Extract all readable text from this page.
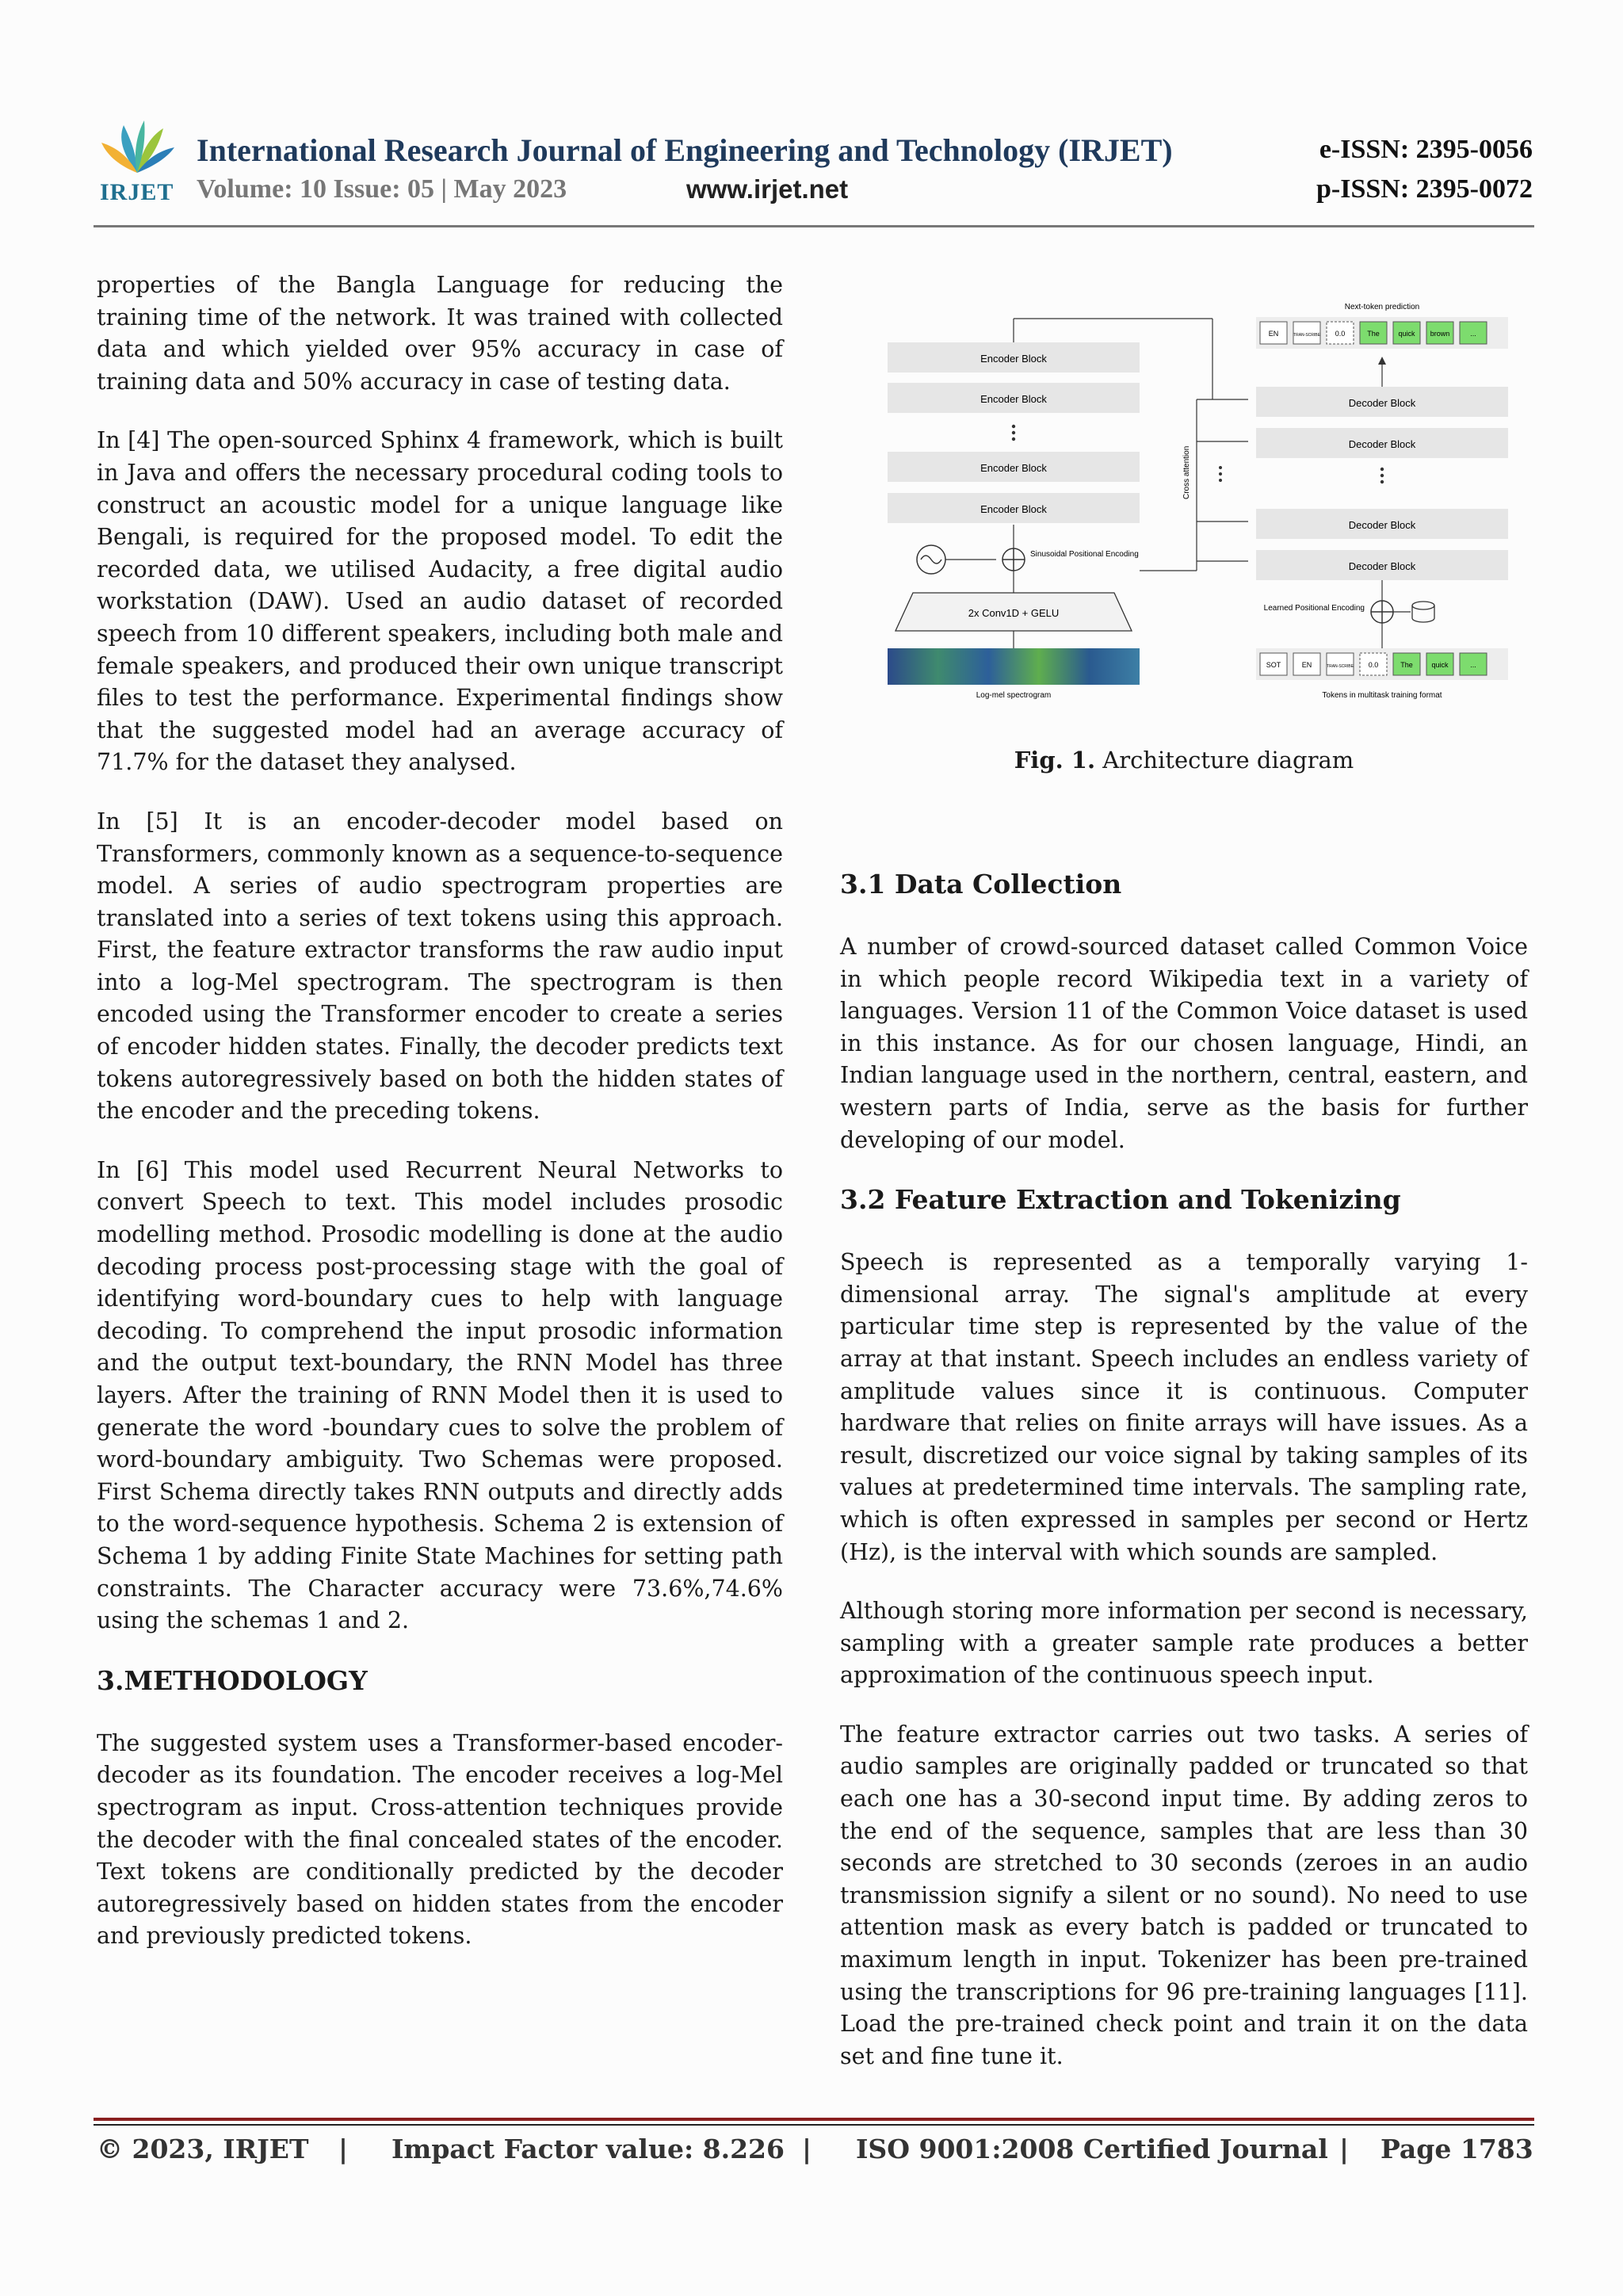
IRJET
International Research Journal of Engineering and Technology (IRJET)
Volume: 10 Issue: 05 | May 2023	www.irjet.net
e-ISSN: 2395-0056
p-ISSN: 2395-0072

properties of the Bangla Language for reducing the training time of the network. It was trained with collected data and which yielded over 95% accuracy in case of training data and 50% accuracy in case of testing data.

In [4] The open-sourced Sphinx 4 framework, which is built in Java and offers the necessary procedural coding tools to construct an acoustic model for a unique language like Bengali, is required for the proposed model. To edit the recorded data, we utilised Audacity, a free digital audio workstation (DAW). Used an audio dataset of recorded speech from 10 different speakers, including both male and female speakers, and produced their own unique transcript files to test the performance. Experimental findings show that the suggested model had an average accuracy of 71.7% for the dataset they analysed.

In [5] It is an encoder-decoder model based on Transformers, commonly known as a sequence-to-sequence model. A series of audio spectrogram properties are translated into a series of text tokens using this approach. First, the feature extractor transforms the raw audio input into a log-Mel spectrogram. The spectrogram is then encoded using the Transformer encoder to create a series of encoder hidden states. Finally, the decoder predicts text tokens autoregressively based on both the hidden states of the encoder and the preceding tokens.

In [6] This model used Recurrent Neural Networks to convert Speech to text. This model includes prosodic modelling method. Prosodic modelling is done at the audio decoding process post-processing stage with the goal of identifying word-boundary cues to help with language decoding. To comprehend the input prosodic information and the output text-boundary, the RNN Model has three layers. After the training of RNN Model then it is used to generate the word -boundary cues to solve the problem of word-boundary ambiguity. Two Schemas were proposed. First Schema directly takes RNN outputs and directly adds to the word-sequence hypothesis. Schema 2 is extension of Schema 1 by adding Finite State Machines for setting path constraints. The Character accuracy were 73.6%,74.6% using the schemas 1 and 2.

3.METHODOLOGY

The suggested system uses a Transformer-based encoder-decoder as its foundation. The encoder receives a log-Mel spectrogram as input. Cross-attention techniques provide the decoder with the final concealed states of the encoder. Text tokens are conditionally predicted by the decoder autoregressively based on hidden states from the encoder and previously predicted tokens.

Encoder Block
Encoder Block
Encoder Block
Encoder Block
Sinusoidal Positional Encoding
2x Conv1D + GELU
Log-mel spectrogram
Cross attention
Decoder Block
Decoder Block
Decoder Block
Decoder Block
Learned Positional Encoding
Next-token prediction
EN	TRAN-SCRIBE 0.0	The	quick brown	...
SOT	EN	TRAN-SCRIBE 0.0	The	quick	...
Tokens in multitask training format
Fig. 1. Architecture diagram
3.1 Data Collection

A number of crowd-sourced dataset called Common Voice in which people record Wikipedia text in a variety of languages. Version 11 of the Common Voice dataset is used in this instance. As for our chosen language, Hindi, an Indian language used in the northern, central, eastern, and western parts of India, serve as the basis for further developing of our model.

3.2 Feature Extraction and Tokenizing

Speech is represented as a temporally varying 1-dimensional array. The signal's amplitude at every particular time step is represented by the value of the array at that instant. Speech includes an endless variety of amplitude values since it is continuous. Computer hardware that relies on finite arrays will have issues. As a result, discretized our voice signal by taking samples of its values at predetermined time intervals. The sampling rate, which is often expressed in samples per second or Hertz (Hz), is the interval with which sounds are sampled.

Although storing more information per second is necessary, sampling with a greater sample rate produces a better approximation of the continuous speech input.

The feature extractor carries out two tasks. A series of audio samples are originally padded or truncated so that each one has a 30-second input time. By adding zeros to the end of the sequence, samples that are less than 30 seconds are stretched to 30 seconds (zeroes in an audio transmission signify a silent or no sound). No need to use attention mask as every batch is padded or truncated to maximum length in input. Tokenizer has been pre-trained using the transcriptions for 96 pre-training languages [11]. Load the pre-trained check point and train it on the data set and fine tune it.

© 2023, IRJET | Impact Factor value: 8.226 | ISO 9001:2008 Certified Journal | Page 1783
